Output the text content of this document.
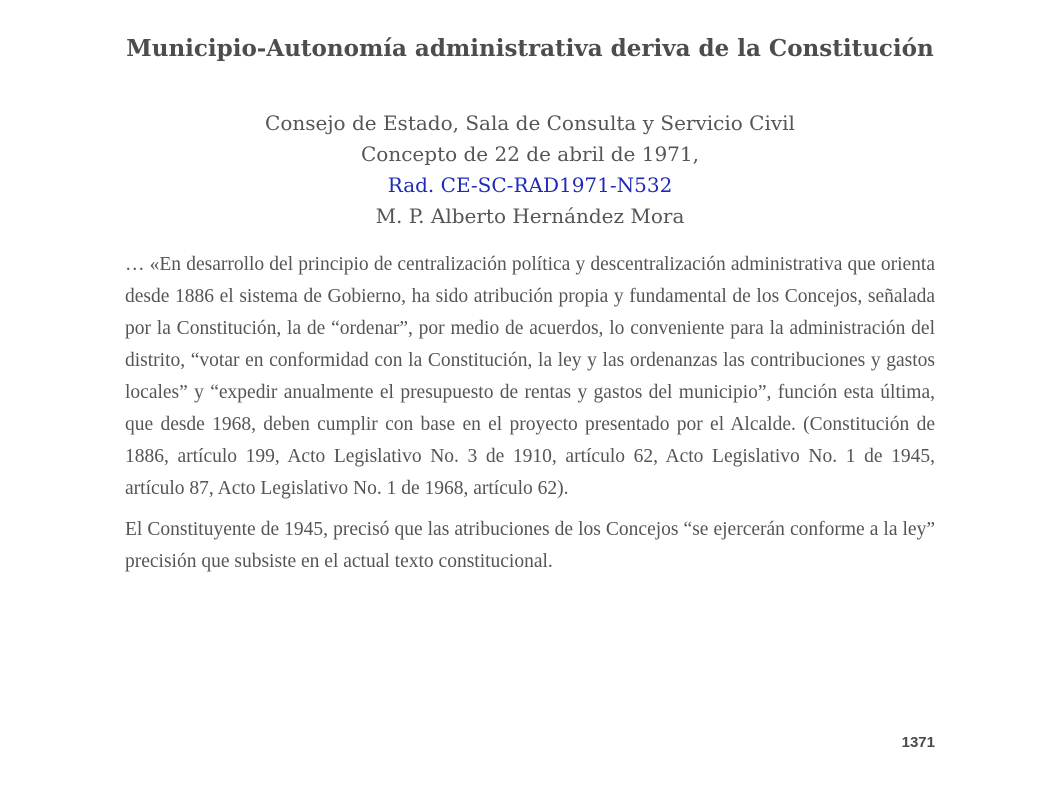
Municipio-Autonomía administrativa deriva de la Constitución
Consejo de Estado, Sala de Consulta y Servicio Civil
Concepto de 22 de abril de 1971,
Rad. CE-SC-RAD1971-N532
M. P. Alberto Hernández Mora

… «En desarrollo del principio de centralización política y descentralización administrativa que orienta desde 1886 el sistema de Gobierno, ha sido atribución propia y fundamental de los Concejos, señalada por la Constitución, la de “ordenar”, por medio de acuerdos, lo conveniente para la administración del distrito, “votar en conformidad con la Constitución, la ley y las ordenanzas las contribuciones y gastos locales” y “expedir anualmente el presupuesto de rentas y gastos del municipio”, función esta última, que desde 1968, deben cumplir con base en el proyecto presentado por el Alcalde. (Constitución de 1886, artículo 199, Acto Legislativo No. 3 de 1910, artículo 62, Acto Legislativo No. 1 de 1945, artículo 87, Acto Legislativo No. 1 de 1968, artículo 62).

El Constituyente de 1945, precisó que las atribuciones de los Concejos “se ejercerán conforme a la ley” precisión que subsiste en el actual texto constitucional.

1371
